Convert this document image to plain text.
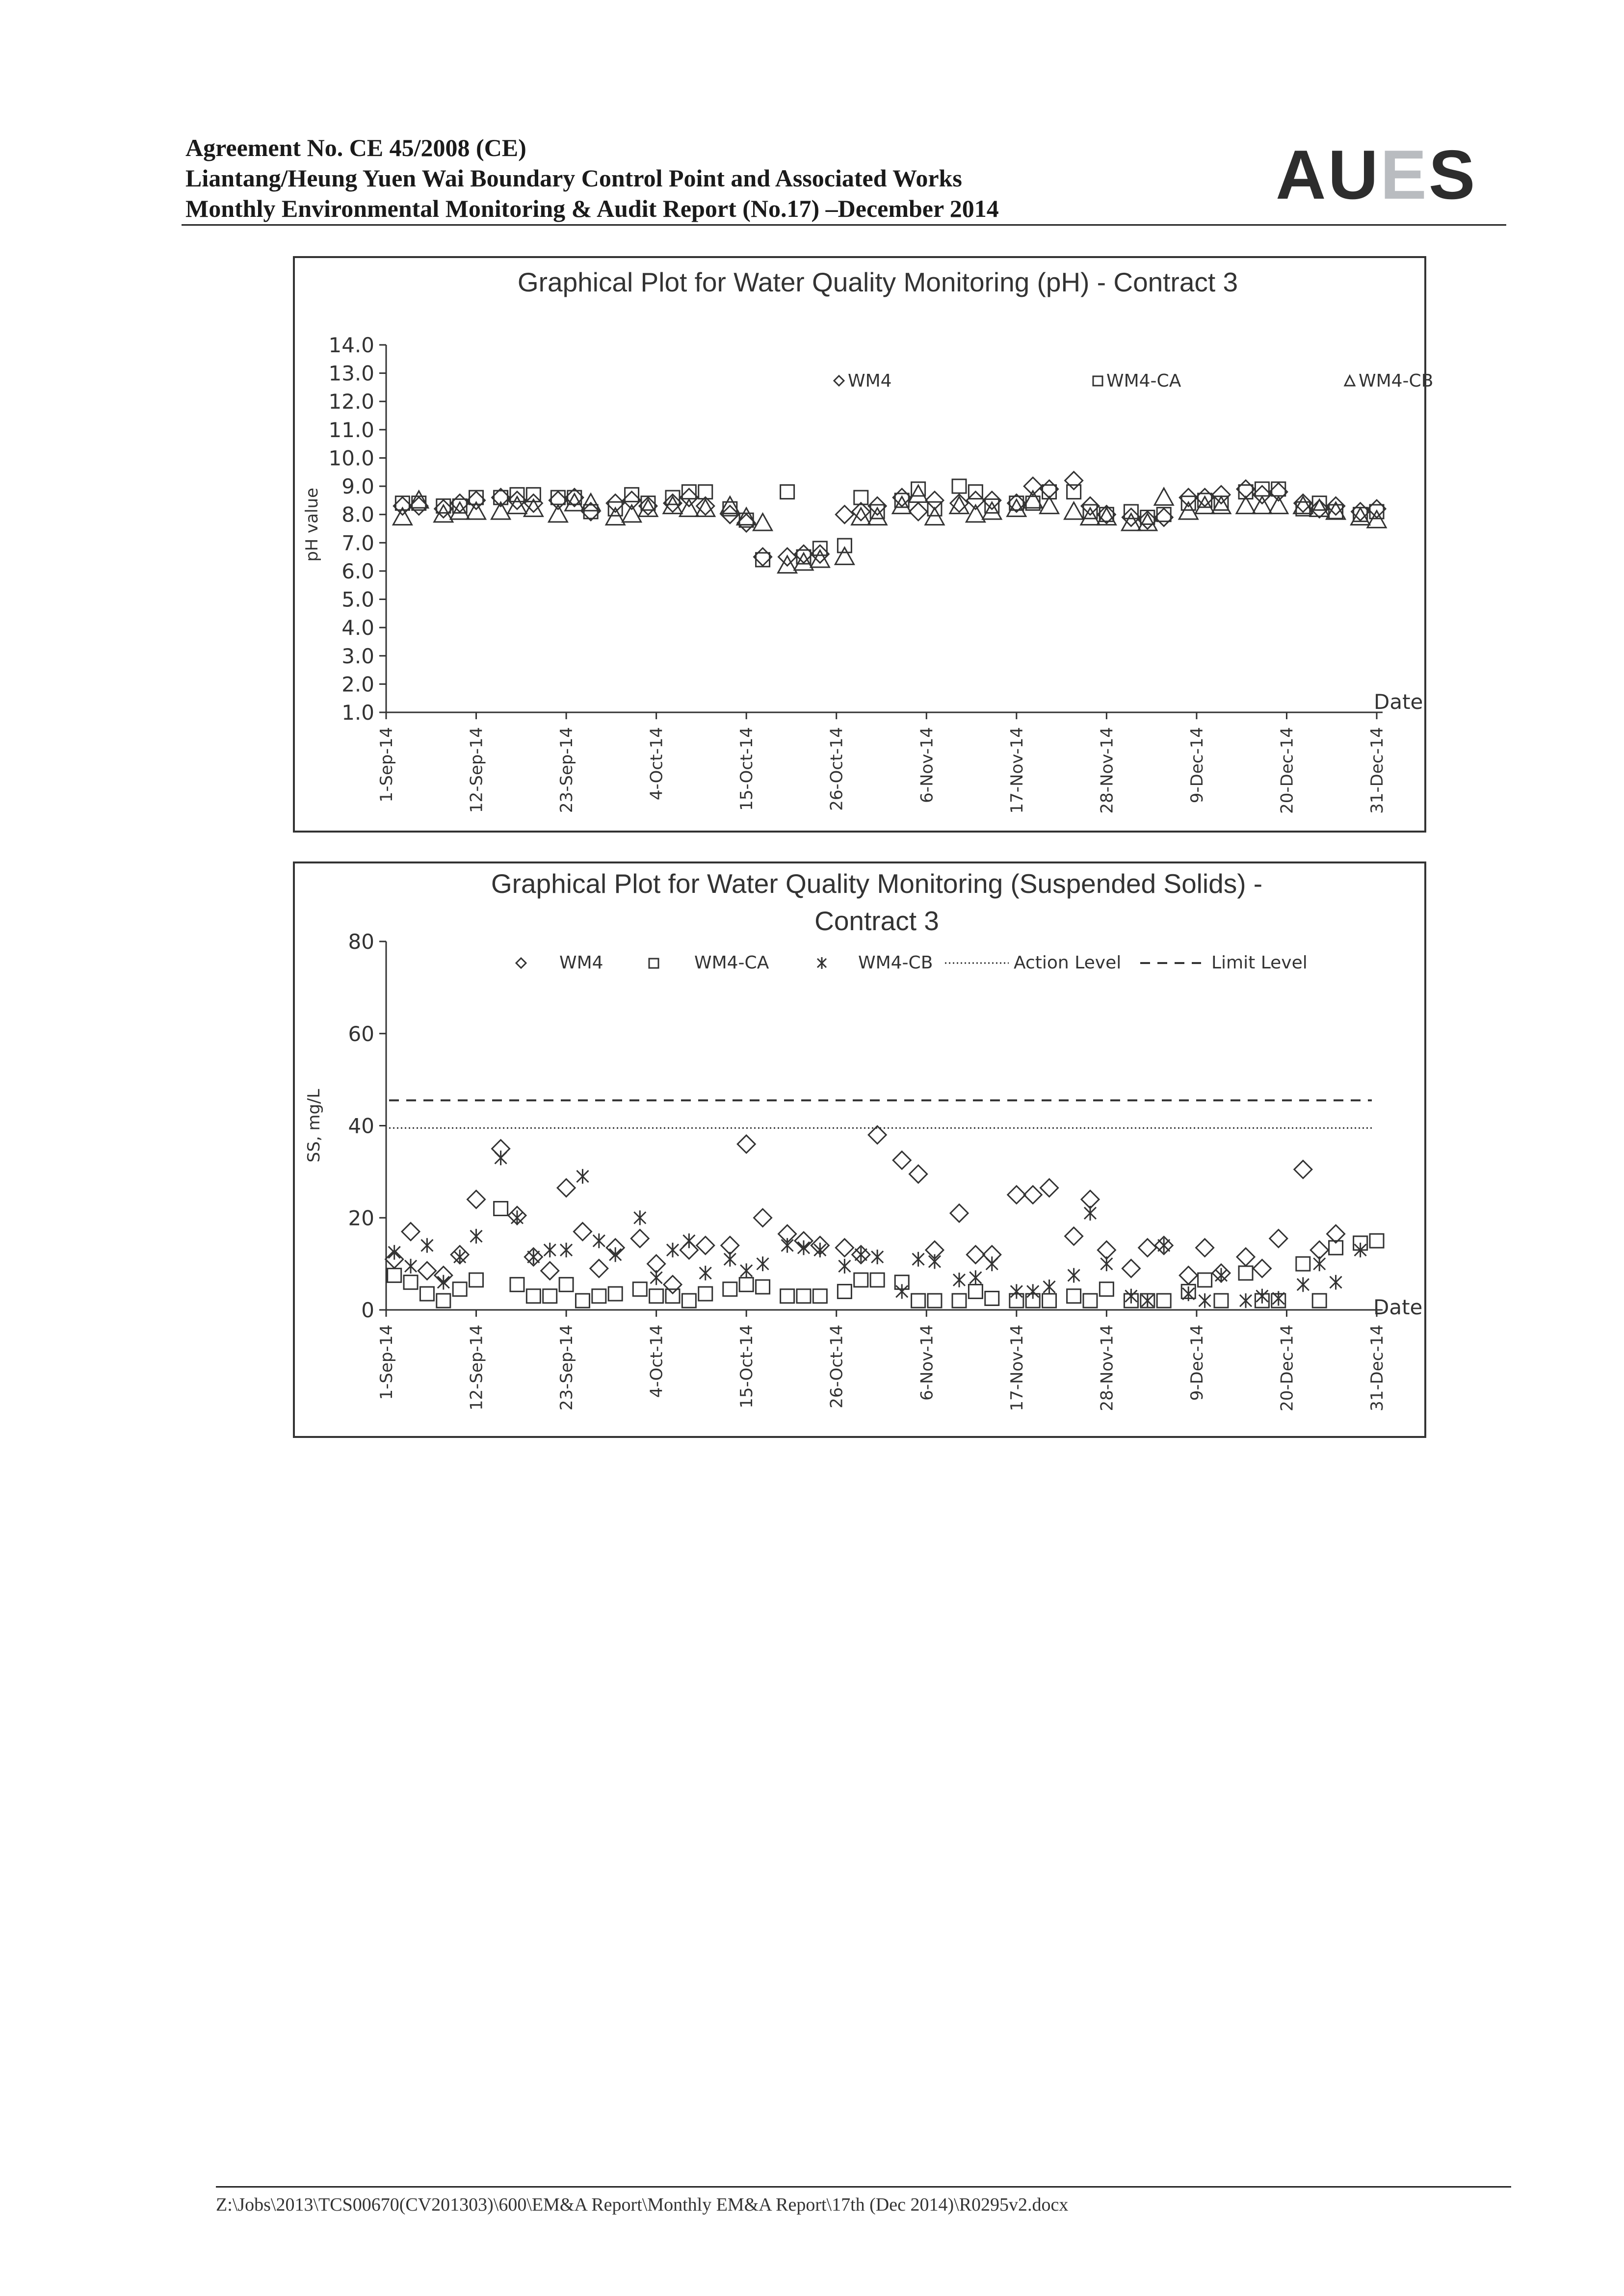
Agreement No. CE 45/2008 (CE)
Liantang/Heung Yuen Wai Boundary Control Point and Associated Works
Monthly Environmental Monitoring & Audit Report (No.17) –December 2014	AUES
Graphical Plot for Water Quality Monitoring (pH) - Contract 3
14.0
13.0
12.0
11.0
10.0
9.0
8.0
7.0
6.0
5.0
4.0
3.0
2.0
1.0
1-Sep-14	12-Sep-14	23-Sep-14	4-Oct-14	15-Oct-14	26-Oct-14	6-Nov-14	17-Nov-14	28-Nov-14	9-Dec-14	20-Dec-14	31-Dec-14
pH value
WM4	WM4-CA	WM4-CB
Date
Graphical Plot for Water Quality Monitoring (Suspended Solids) -
Contract 3
80
60
40
20
0
1-Sep-14	12-Sep-14	23-Sep-14	4-Oct-14	15-Oct-14	26-Oct-14	6-Nov-14	17-Nov-14	28-Nov-14	9-Dec-14	20-Dec-14	31-Dec-14
SS, mg/L
WM4	WM4-CA	WM4-CB	Action Level	Limit Level
Date
Z:\Jobs\2013\TCS00670(CV201303)\600\EM&A Report\Monthly EM&A Report\17th (Dec 2014)\R0295v2.docx
